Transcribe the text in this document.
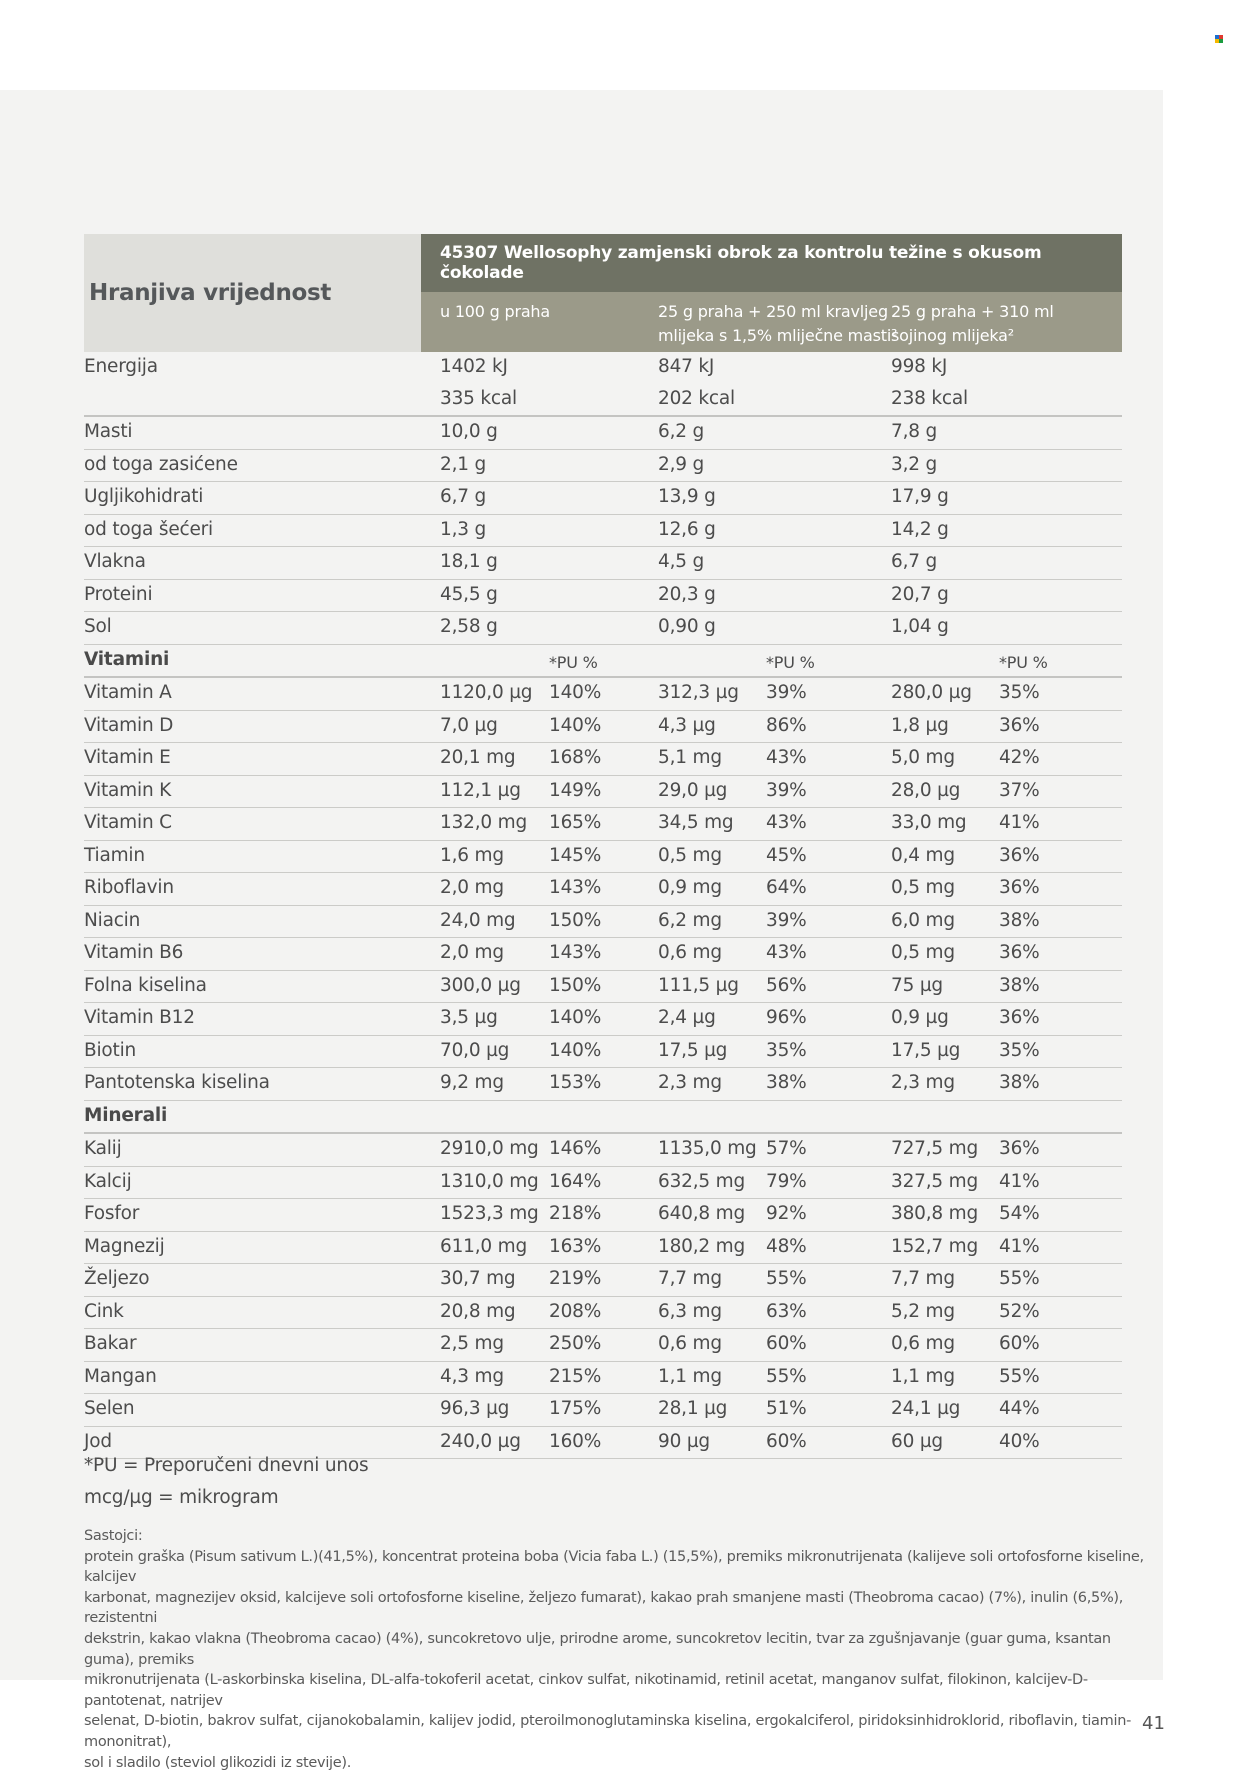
Hranjiva vrijednost
45307 Wellosophy zamjenski obrok za kontrolu težine s okusom čokolade
u 100 g praha	25 g praha + 250 ml kravljeg
mlijeka s 1,5% mliječne masti²
25 g praha + 310 ml
sojinog mlijeka²
Energija	1402 kJ	847 kJ	998 kJ
335 kcal	202 kcal	238 kcal
Masti	10,0 g	6,2 g	7,8 g
od toga zasićene	2,1 g	2,9 g	3,2 g
Ugljikohidrati	6,7 g	13,9 g	17,9 g
od toga šećeri	1,3 g	12,6 g	14,2 g
Vlakna	18,1 g	4,5 g	6,7 g
Proteini	45,5 g	20,3 g	20,7 g
Sol	2,58 g	0,90 g	1,04 g
Vitamini	*PU %	*PU %	*PU %
Vitamin A	1120,0 µg 140%	312,3 µg 39%	280,0 µg 35%
Vitamin D	7,0 µg	140%	4,3 µg	86%	1,8 µg	36%
Vitamin E	20,1 mg 168%	5,1 mg 43%	5,0 mg 42%
Vitamin K	112,1 µg 149%	29,0 µg 39%	28,0 µg 37%
Vitamin C	132,0 mg 165%	34,5 mg 43%	33,0 mg 41%
Tiamin	1,6 mg 145%	0,5 mg 45%	0,4 mg 36%
Riboflavin	2,0 mg 143%	0,9 mg 64%	0,5 mg 36%
Niacin	24,0 mg 150%	6,2 mg 39%	6,0 mg 38%
Vitamin B6	2,0 mg 143%	0,6 mg 43%	0,5 mg 36%
Folna kiselina	300,0 µg 150%	111,5 µg 56%	75 µg	38%
Vitamin B12	3,5 µg	140%	2,4 µg	96%	0,9 µg	36%
Biotin	70,0 µg 140%	17,5 µg 35%	17,5 µg 35%
Pantotenska kiselina	9,2 mg 153%	2,3 mg 38%	2,3 mg 38%
Minerali
Kalij	2910,0 mg 146%	1135,0 mg 57%	727,5 mg 36%
Kalcij	1310,0 mg 164%	632,5 mg 79%	327,5 mg 41%
Fosfor	1523,3 mg 218%	640,8 mg 92%	380,8 mg 54%
Magnezij	611,0 mg 163%	180,2 mg 48%	152,7 mg 41%
Željezo	30,7 mg 219%	7,7 mg 55%	7,7 mg 55%
Cink	20,8 mg 208%	6,3 mg 63%	5,2 mg 52%
Bakar	2,5 mg 250%	0,6 mg 60%	0,6 mg 60%
Mangan	4,3 mg 215%	1,1 mg 55%	1,1 mg 55%
Selen	96,3 µg 175%	28,1 µg 51%	24,1 µg 44%
Jod	240,0 µg 160%	90 µg	60%	60 µg	40%
*PU = Preporučeni dnevni unos
mcg/µg = mikrogram
Sastojci:
protein graška (Pisum sativum L.)(41,5%), koncentrat proteina boba (Vicia faba L.) (15,5%), premiks mikronutrijenata (kalijeve soli ortofosforne kiseline, kalcijev
karbonat, magnezijev oksid, kalcijeve soli ortofosforne kiseline, željezo fumarat), kakao prah smanjene masti (Theobroma cacao) (7%), inulin (6,5%), rezistentni
dekstrin, kakao vlakna (Theobroma cacao) (4%), suncokretovo ulje, prirodne arome, suncokretov lecitin, tvar za zgušnjavanje (guar guma, ksantan guma), premiks
mikronutrijenata (L-askorbinska kiselina, DL-alfa-tokoferil acetat, cinkov sulfat, nikotinamid, retinil acetat, manganov sulfat, filokinon, kalcijev-D-pantotenat, natrijev
selenat, D-biotin, bakrov sulfat, cijanokobalamin, kalijev jodid, pteroilmonoglutaminska kiselina, ergokalciferol, piridoksinhidroklorid, riboflavin, tiamin-mononitrat),
sol i sladilo (steviol glikozidi iz stevije).
41
